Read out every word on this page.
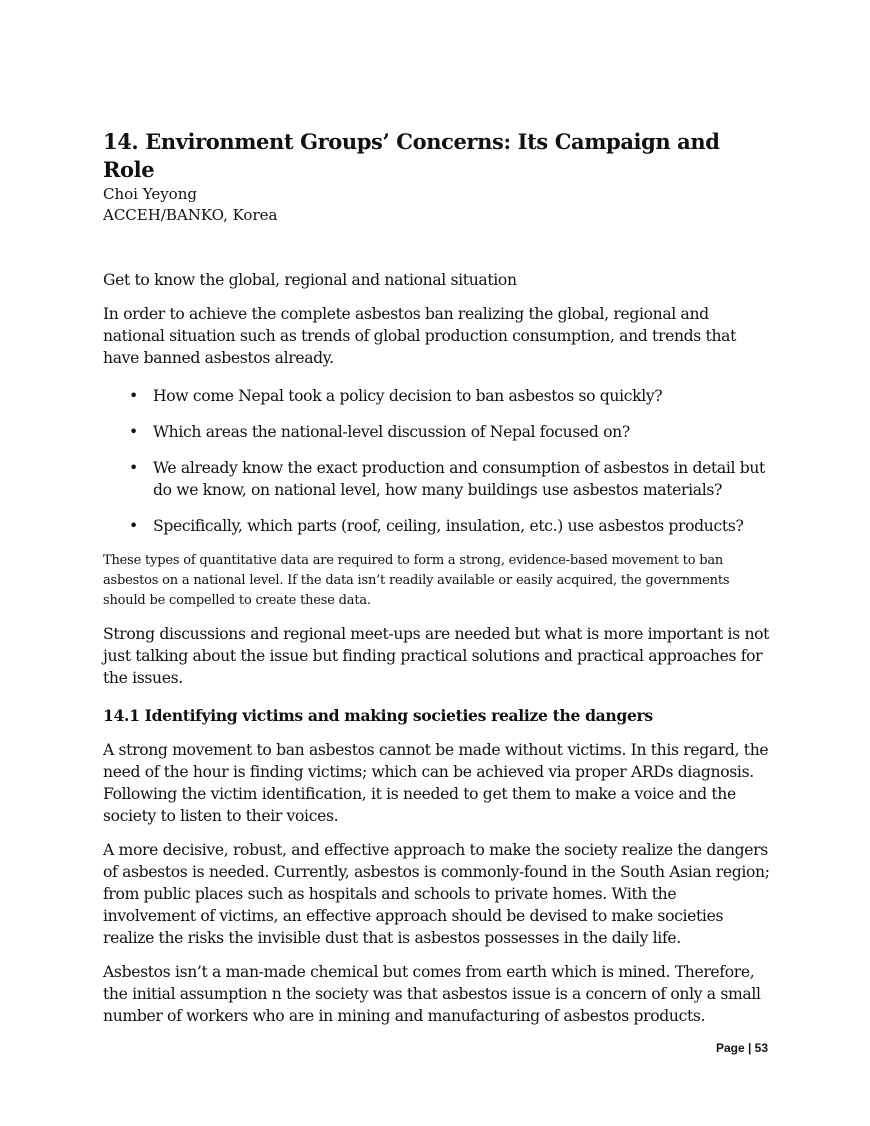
14. Environment Groups’ Concerns: Its Campaign and Role
Choi Yeyong
ACCEH/BANKO, Korea

Get to know the global, regional and national situation

In order to achieve the complete asbestos ban realizing the global, regional and national situation such as trends of global production consumption, and trends that have banned asbestos already.

• How come Nepal took a policy decision to ban asbestos so quickly?
• Which areas the national-level discussion of Nepal focused on?
• We already know the exact production and consumption of asbestos in detail but do we know, on national level, how many buildings use asbestos materials?
• Specifically, which parts (roof, ceiling, insulation, etc.) use asbestos products?

These types of quantitative data are required to form a strong, evidence-based movement to ban asbestos on a national level. If the data isn’t readily available or easily acquired, the governments should be compelled to create these data.

Strong discussions and regional meet-ups are needed but what is more important is not just talking about the issue but finding practical solutions and practical approaches for the issues.

14.1 Identifying victims and making societies realize the dangers

A strong movement to ban asbestos cannot be made without victims. In this regard, the need of the hour is finding victims; which can be achieved via proper ARDs diagnosis. Following the victim identification, it is needed to get them to make a voice and the society to listen to their voices.

A more decisive, robust, and effective approach to make the society realize the dangers of asbestos is needed. Currently, asbestos is commonly-found in the South Asian region; from public places such as hospitals and schools to private homes. With the involvement of victims, an effective approach should be devised to make societies realize the risks the invisible dust that is asbestos possesses in the daily life.

Asbestos isn’t a man-made chemical but comes from earth which is mined. Therefore, the initial assumption n the society was that asbestos issue is a concern of only a small number of workers who are in mining and manufacturing of asbestos products.

Page | 53
